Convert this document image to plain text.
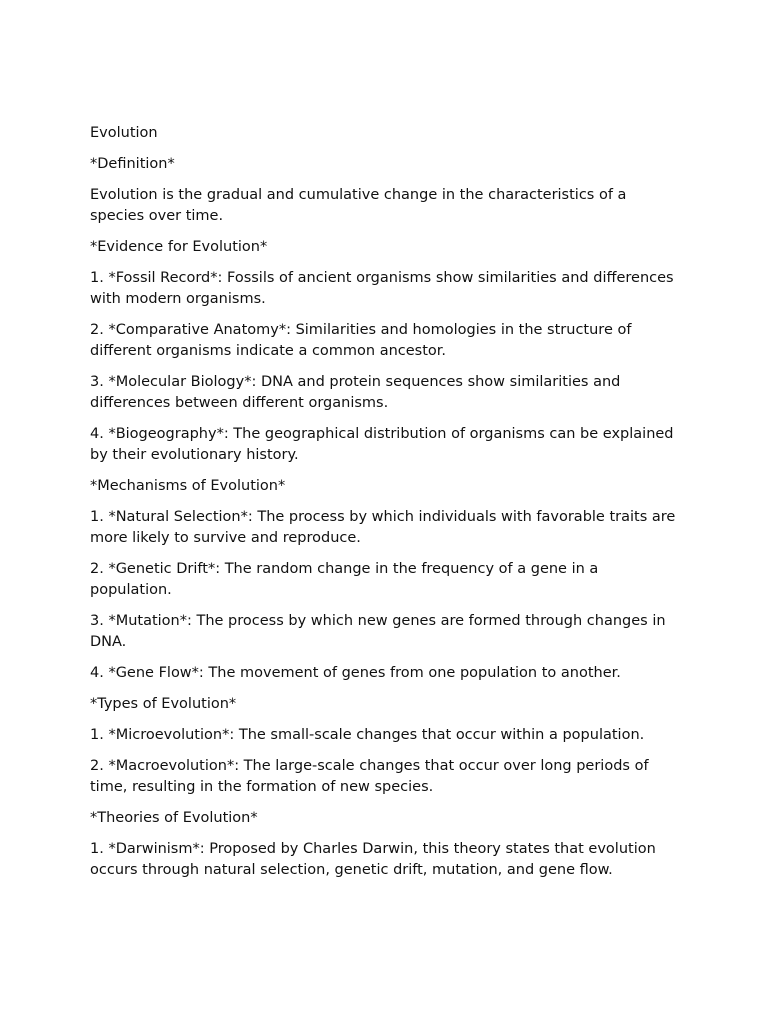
Evolution

*Definition*

Evolution is the gradual and cumulative change in the characteristics of a species over time.

*Evidence for Evolution*

1. *Fossil Record*: Fossils of ancient organisms show similarities and differences with modern organisms.

2. *Comparative Anatomy*: Similarities and homologies in the structure of different organisms indicate a common ancestor.

3. *Molecular Biology*: DNA and protein sequences show similarities and differences between different organisms.

4. *Biogeography*: The geographical distribution of organisms can be explained by their evolutionary history.

*Mechanisms of Evolution*

1. *Natural Selection*: The process by which individuals with favorable traits are more likely to survive and reproduce.

2. *Genetic Drift*: The random change in the frequency of a gene in a population.

3. *Mutation*: The process by which new genes are formed through changes in DNA.

4. *Gene Flow*: The movement of genes from one population to another.

*Types of Evolution*

1. *Microevolution*: The small-scale changes that occur within a population.

2. *Macroevolution*: The large-scale changes that occur over long periods of time, resulting in the formation of new species.

*Theories of Evolution*

1. *Darwinism*: Proposed by Charles Darwin, this theory states that evolution occurs through natural selection, genetic drift, mutation, and gene flow.
